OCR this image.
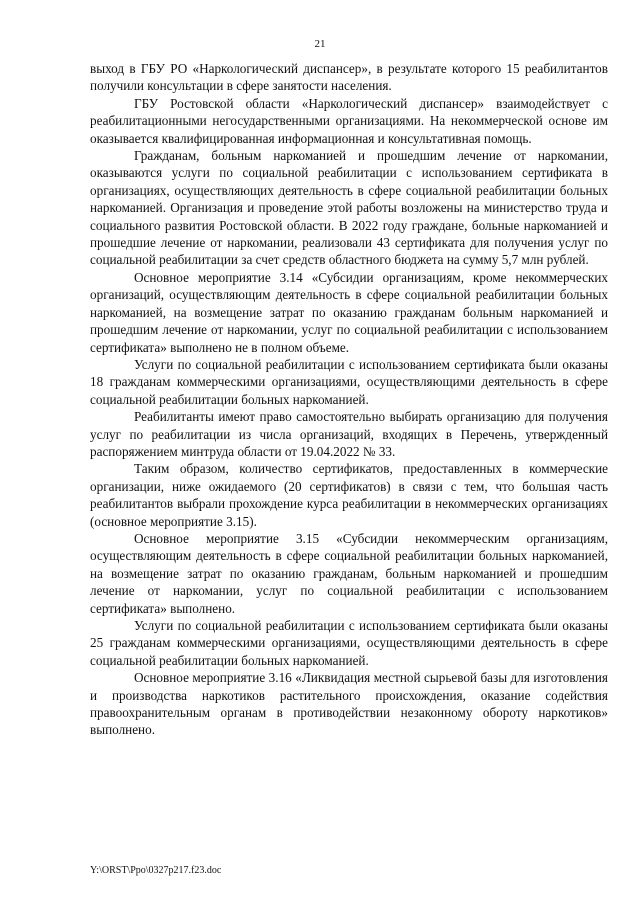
21

выход в ГБУ РО «Наркологический диспансер», в результате которого 15 реабилитантов получили консультации в сфере занятости населения.

ГБУ Ростовской области «Наркологический диспансер» взаимодействует с реабилитационными негосударственными организациями. На некоммерческой основе им оказывается квалифицированная информационная и консультативная помощь.

Гражданам, больным наркоманией и прошедшим лечение от наркомании, оказываются услуги по социальной реабилитации с использованием сертификата в организациях, осуществляющих деятельность в сфере социальной реабилитации больных наркоманией. Организация и проведение этой работы возложены на министерство труда и социального развития Ростовской области. В 2022 году граждане, больные наркоманией и прошедшие лечение от наркомании, реализовали 43 сертификата для получения услуг по социальной реабилитации за счет средств областного бюджета на сумму 5,7 млн рублей.

Основное мероприятие 3.14 «Субсидии организациям, кроме некоммерческих организаций, осуществляющим деятельность в сфере социальной реабилитации больных наркоманией, на возмещение затрат по оказанию гражданам больным наркоманией и прошедшим лечение от наркомании, услуг по социальной реабилитации с использованием сертификата» выполнено не в полном объеме.

Услуги по социальной реабилитации с использованием сертификата были оказаны 18 гражданам коммерческими организациями, осуществляющими деятельность в сфере социальной реабилитации больных наркоманией.

Реабилитанты имеют право самостоятельно выбирать организацию для получения услуг по реабилитации из числа организаций, входящих в Перечень, утвержденный распоряжением минтруда области от 19.04.2022 № 33.

Таким образом, количество сертификатов, предоставленных в коммерческие организации, ниже ожидаемого (20 сертификатов) в связи с тем, что большая часть реабилитантов выбрали прохождение курса реабилитации в некоммерческих организациях (основное мероприятие 3.15).

Основное мероприятие 3.15 «Субсидии некоммерческим организациям, осуществляющим деятельность в сфере социальной реабилитации больных наркоманией, на возмещение затрат по оказанию гражданам, больным наркоманией и прошедшим лечение от наркомании, услуг по социальной реабилитации с использованием сертификата» выполнено.

Услуги по социальной реабилитации с использованием сертификата были оказаны 25 гражданам коммерческими организациями, осуществляющими деятельность в сфере социальной реабилитации больных наркоманией.

Основное мероприятие 3.16 «Ликвидация местной сырьевой базы для изготовления и производства наркотиков растительного происхождения, оказание содействия правоохранительным органам в противодействии незаконному обороту наркотиков» выполнено.

Y:\ORST\Ppo\0327p217.f23.doc
